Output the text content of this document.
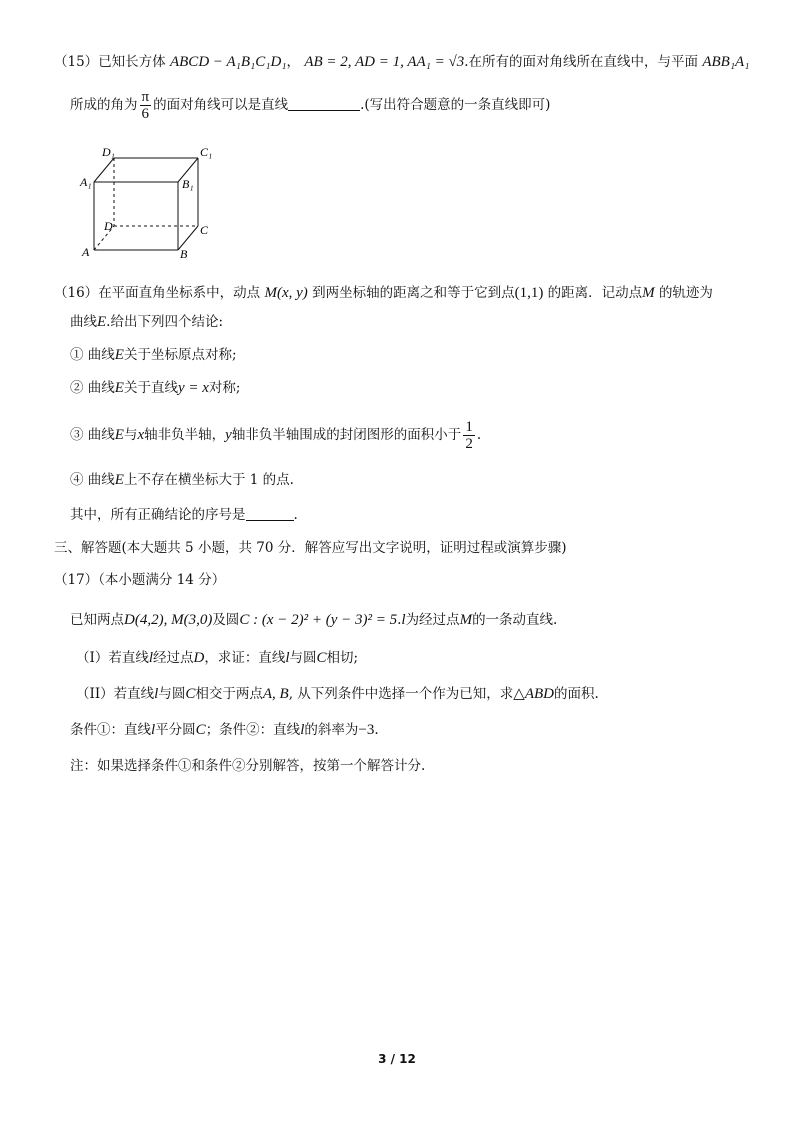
（15）已知长方体 ABCD − A₁B₁C₁D₁， AB = 2, AD = 1, AA₁ = √3.在所有的面对角线所在直线中，与平面 ABB₁A₁
所成的角为 $\frac{\pi}{6}$ 的面对角线可以是直线	.(写出符合题意的一条直线即可)
D₁	C₁
A₁	B₁
D	C
A	B
（16）在平面直角坐标系中，动点 M(x, y) 到两坐标轴的距离之和等于它到点(1,1) 的距离．记动点M 的轨迹为
曲线E.给出下列四个结论:
① 曲线E关于坐标原点对称;
② 曲线E关于直线y = x对称;
③ 曲线E与x轴非负半轴，y轴非负半轴围成的封闭图形的面积小于 $\frac{1}{2}$ .
④ 曲线E上不存在横坐标大于 1 的点.
其中，所有正确结论的序号是	.
三、解答题(本大题共 5 小题，共 70 分．解答应写出文字说明，证明过程或演算步骤)
（17）（本小题满分 14 分）
已知两点D(4,2), M(3,0)及圆C : (x − 2)² + (y − 3)² = 5.l为经过点M的一条动直线.
（I）若直线l经过点D，求证：直线l与圆C相切;
（II）若直线l与圆C相交于两点A, B, 从下列条件中选择一个作为已知，求△ABD的面积.
条件①：直线l平分圆C；条件②：直线l的斜率为−3.
注：如果选择条件①和条件②分别解答，按第一个解答计分.
3 / 12
